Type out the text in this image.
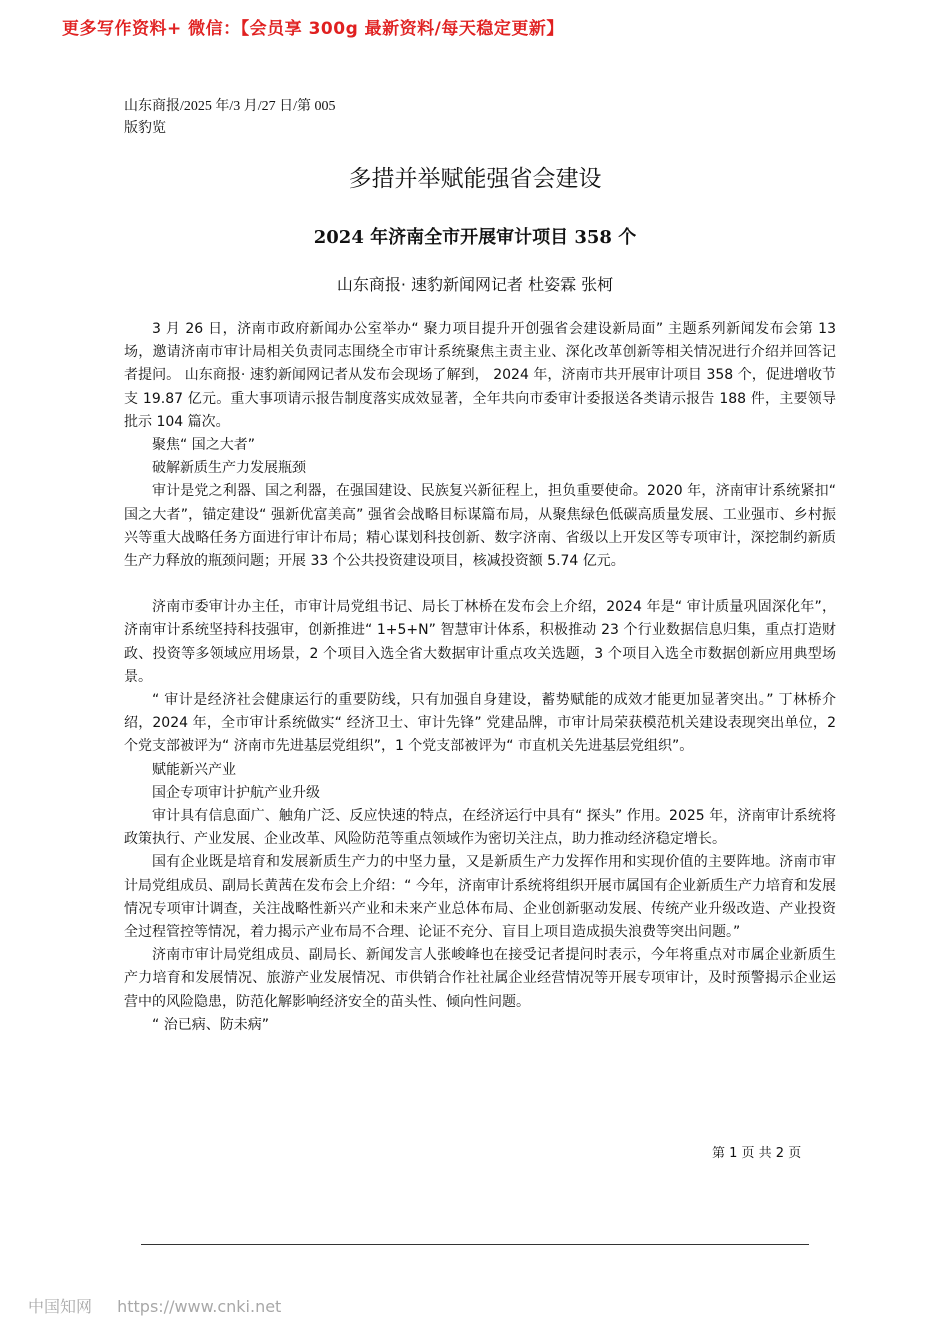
更多写作资料+ 微信：【会员享 300g 最新资料/每天稳定更新】
山东商报/2025 年/3 月/27 日/第 005
版豹览
多措并举赋能强省会建设
2024 年济南全市开展审计项目 358 个
山东商报· 速豹新闻网记者 杜姿霖 张柯

3 月 26 日，济南市政府新闻办公室举办“ 聚力项目提升开创强省会建设新局面” 主题系列新闻发布会第 13 场，邀请济南市审计局相关负责同志围绕全市审计系统聚焦主责主业、深化改革创新等相关情况进行介绍并回答记者提问。 山东商报· 速豹新闻网记者从发布会现场了解到， 2024 年，济南市共开展审计项目 358 个，促进增收节支 19.87 亿元。重大事项请示报告制度落实成效显著，全年共向市委审计委报送各类请示报告 188 件，主要领导批示 104 篇次。

聚焦“ 国之大者”

破解新质生产力发展瓶颈

审计是党之利器、国之利器，在强国建设、民族复兴新征程上，担负重要使命。2020 年，济南审计系统紧扣“ 国之大者”，锚定建设“ 强新优富美高” 强省会战略目标谋篇布局，从聚焦绿色低碳高质量发展、工业强市、乡村振兴等重大战略任务方面进行审计布局；精心谋划科技创新、数字济南、省级以上开发区等专项审计，深挖制约新质生产力释放的瓶颈问题；开展 33 个公共投资建设项目，核减投资额 5.74 亿元。

济南市委审计办主任，市审计局党组书记、局长丁林桥在发布会上介绍，2024 年是“ 审计质量巩固深化年”，济南审计系统坚持科技强审，创新推进“ 1+5+N” 智慧审计体系，积极推动 23 个行业数据信息归集，重点打造财政、投资等多领域应用场景，2 个项目入选全省大数据审计重点攻关选题，3 个项目入选全市数据创新应用典型场景。

“ 审计是经济社会健康运行的重要防线，只有加强自身建设，蓄势赋能的成效才能更加显著突出。” 丁林桥介绍，2024 年，全市审计系统做实“ 经济卫士、审计先锋” 党建品牌，市审计局荣获模范机关建设表现突出单位，2 个党支部被评为“ 济南市先进基层党组织”，1 个党支部被评为“ 市直机关先进基层党组织”。

赋能新兴产业

国企专项审计护航产业升级

审计具有信息面广、触角广泛、反应快速的特点，在经济运行中具有“ 探头” 作用。2025 年，济南审计系统将政策执行、产业发展、企业改革、风险防范等重点领域作为密切关注点，助力推动经济稳定增长。

国有企业既是培育和发展新质生产力的中坚力量，又是新质生产力发挥作用和实现价值的主要阵地。济南市审计局党组成员、副局长黄茜在发布会上介绍：“ 今年，济南审计系统将组织开展市属国有企业新质生产力培育和发展情况专项审计调查，关注战略性新兴产业和未来产业总体布局、企业创新驱动发展、传统产业升级改造、产业投资全过程管控等情况，着力揭示产业布局不合理、论证不充分、盲目上项目造成损失浪费等突出问题。”

济南市审计局党组成员、副局长、新闻发言人张峻峰也在接受记者提问时表示，今年将重点对市属企业新质生产力培育和发展情况、旅游产业发展情况、市供销合作社社属企业经营情况等开展专项审计，及时预警揭示企业运营中的风险隐患，防范化解影响经济安全的苗头性、倾向性问题。

“ 治已病、防未病”

第 1 页 共 2 页
中国知网 https://www.cnki.net
